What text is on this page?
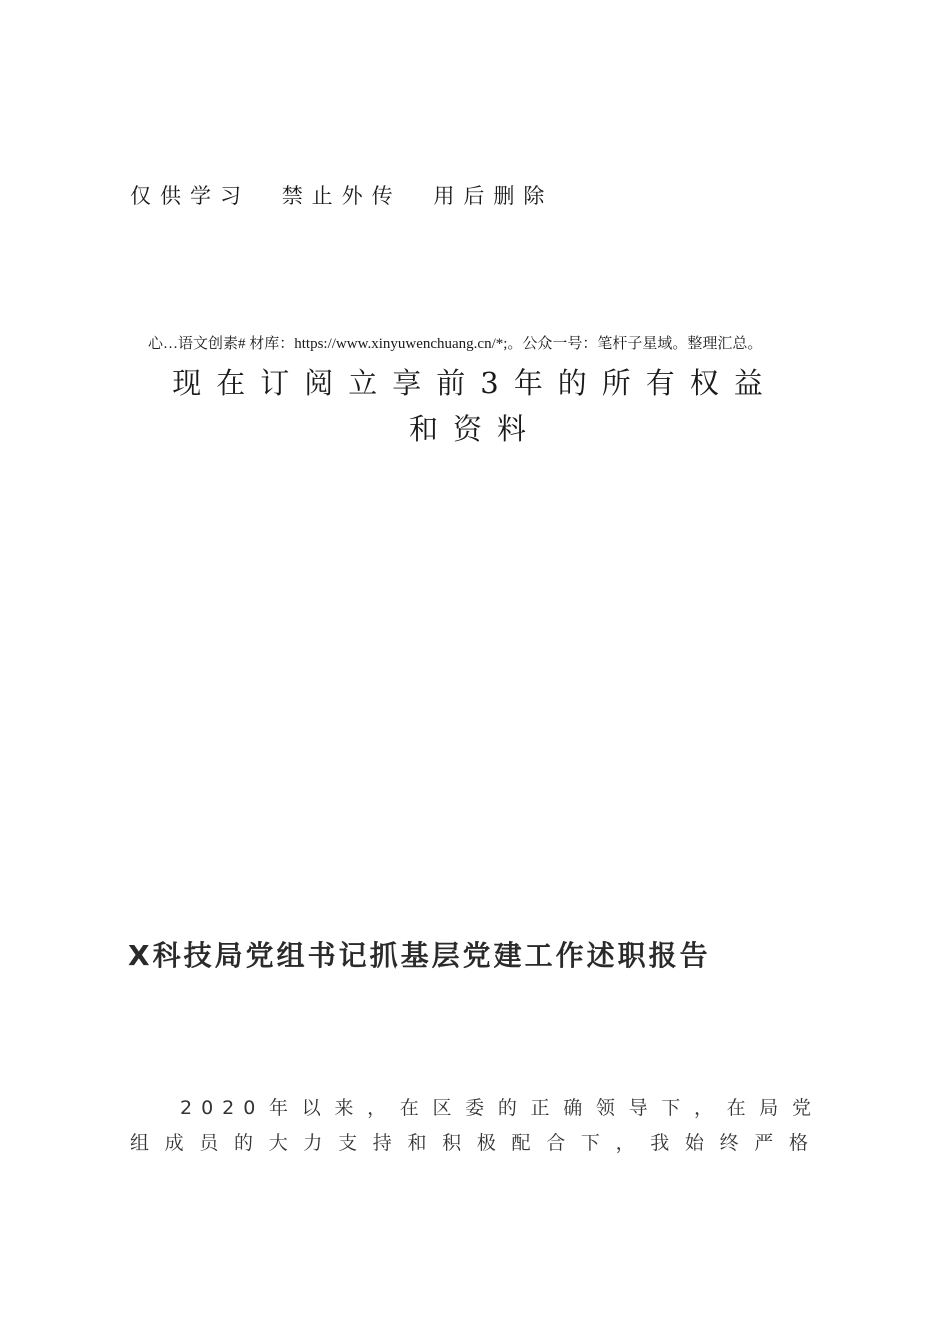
仅供学习 禁止外传 用后删除
心…语文创素# 材库：https://www.xinyuwenchuang.cn/*;。公众一号：笔杆子星域。整理汇总。
现在订阅立享前3年的所有权益
和资料
X科技局党组书记抓基层党建工作述职报告
2020年以来，在区委的正确领导下，在局党
组成员的大力支持和积极配合下，我始终严格
